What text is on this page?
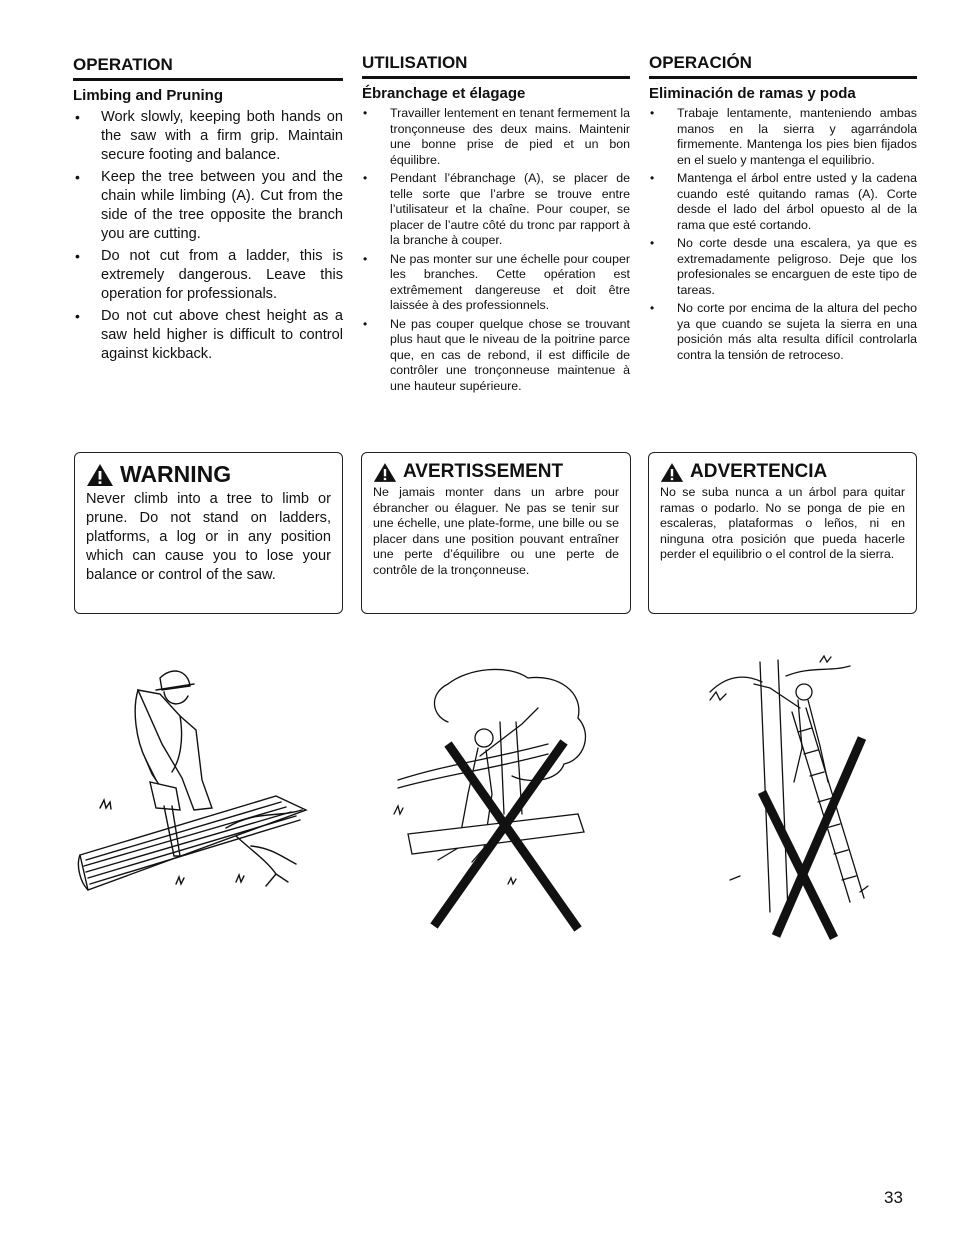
OPERATION
Limbing and Pruning
• Work slowly, keeping both hands on the saw with a firm grip. Maintain secure footing and balance.
• Keep the tree between you and the chain while limbing (A). Cut from the side of the tree opposite the branch you are cutting.
• Do not cut from a ladder, this is extremely dangerous. Leave this operation for professionals.
• Do not cut above chest height as a saw held higher is difficult to control against kickback.
UTILISATION
Ébranchage et élagage
• Travailler lentement en tenant fermement la tronçonneuse des deux mains. Maintenir une bonne prise de pied et un bon équilibre.
• Pendant l’ébranchage (A), se placer de telle sorte que l’arbre se trouve entre l’utilisateur et la chaîne. Pour couper, se placer de l’autre côté du tronc par rapport à la branche à couper.
• Ne pas monter sur une échelle pour couper les branches. Cette opération est extrêmement dangereuse et doit être laissée à des professionnels.
• Ne pas couper quelque chose se trouvant plus haut que le niveau de la poitrine parce que, en cas de rebond, il est difficile de contrôler une tronçonneuse maintenue à une hauteur supérieure.
OPERACIÓN
Eliminación de ramas y poda
• Trabaje lentamente, manteniendo ambas manos en la sierra y agarrándola firmemente. Mantenga los pies bien fijados en el suelo y mantenga el equilibrio.
• Mantenga el árbol entre usted y la cadena cuando esté quitando ramas (A). Corte desde el lado del árbol opuesto al de la rama que esté cortando.
• No corte desde una escalera, ya que es extremadamente peligroso. Deje que los profesionales se encarguen de este tipo de tareas.
• No corte por encima de la altura del pecho ya que cuando se sujeta la sierra en una posición más alta resulta difícil controlarla contra la tensión de retroceso.
WARNING
Never climb into a tree to limb or prune. Do not stand on ladders, platforms, a log or in any position which can cause you to lose your balance or control of the saw.
AVERTISSEMENT
Ne jamais monter dans un arbre pour ébrancher ou élaguer. Ne pas se tenir sur une échelle, une plate-forme, une bille ou se placer dans une position pouvant entraîner une perte d’équilibre ou une perte de contrôle de la tronçonneuse.
ADVERTENCIA
No se suba nunca a un árbol para quitar ramas o podarlo. No se ponga de pie en escaleras, plataformas o leños, ni en ninguna otra posición que pueda hacerle perder el equilibrio o el control de la sierra.
33
